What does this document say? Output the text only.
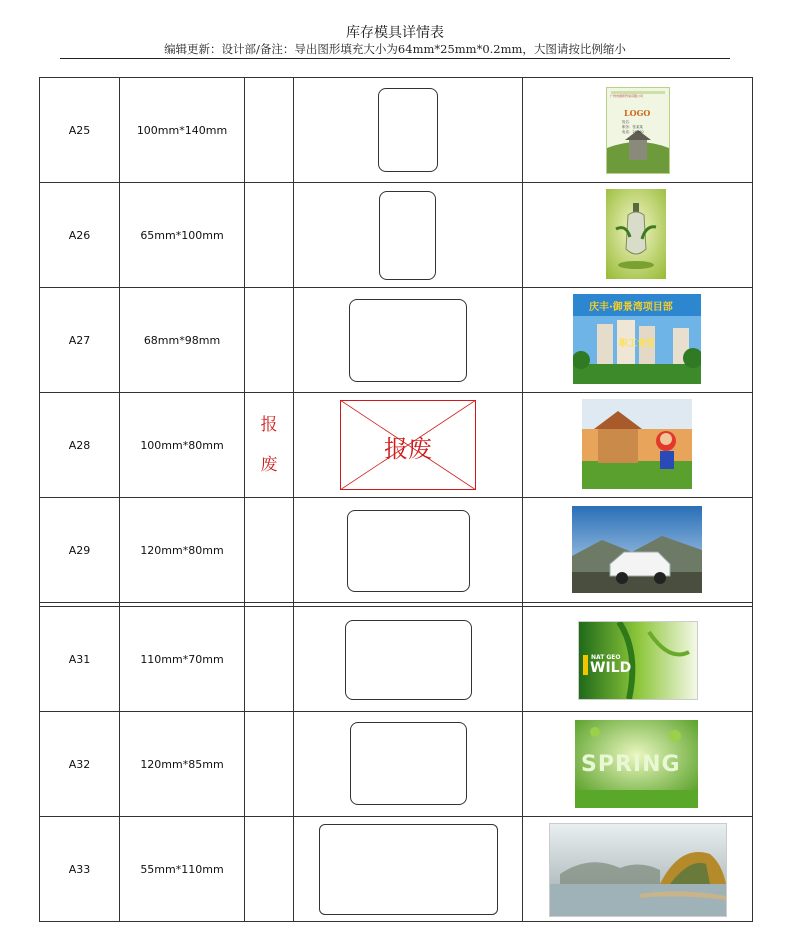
库存模具详情表
编辑更新：设计部/备注：导出图形填充大小为64mm*25mm*0.2mm，大图请按比例缩小
A25	100mm*140mm			广州市国邦贸易有限公司
LOGO
姓名：
职务：张某某
电话：20160

A26	65mm*100mm		

A27	68mm*98mm			庆丰·御景湾项目部
职工食堂

A28	100mm*80mm	报废	报废

A29	120mm*80mm		

A31	110mm*70mm			NAT GEO
WILD

A32	120mm*85mm			SPRING

A33	55mm*110mm		
